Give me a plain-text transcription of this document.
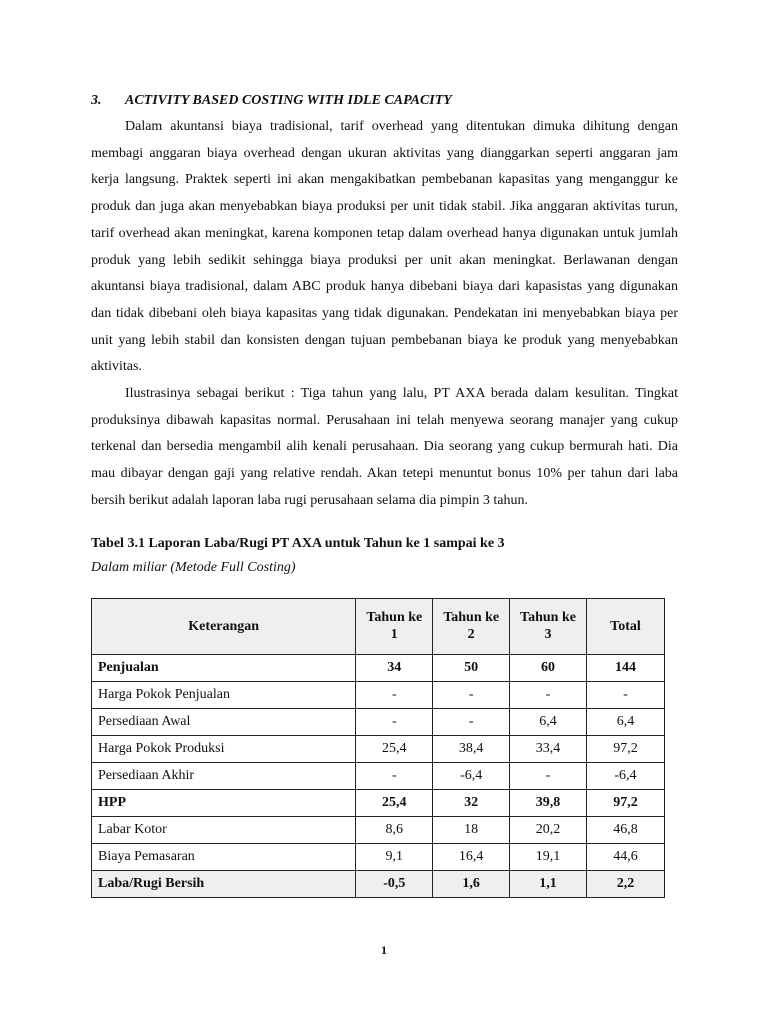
3.	ACTIVITY BASED COSTING WITH IDLE CAPACITY

Dalam akuntansi biaya tradisional, tarif overhead yang ditentukan dimuka dihitung dengan membagi anggaran biaya overhead dengan ukuran aktivitas yang dianggarkan seperti anggaran jam kerja langsung. Praktek seperti ini akan mengakibatkan pembebanan kapasitas yang menganggur ke produk dan juga akan menyebabkan biaya produksi per unit tidak stabil. Jika anggaran aktivitas turun, tarif overhead akan meningkat, karena komponen tetap dalam overhead hanya digunakan untuk jumlah produk yang lebih sedikit sehingga biaya produksi per unit akan meningkat. Berlawanan dengan akuntansi biaya tradisional, dalam ABC produk hanya dibebani biaya dari kapasistas yang digunakan dan tidak dibebani oleh biaya kapasitas yang tidak digunakan. Pendekatan ini menyebabkan biaya per unit yang lebih stabil dan konsisten dengan tujuan pembebanan biaya ke produk yang menyebabkan aktivitas.

Ilustrasinya sebagai berikut : Tiga tahun yang lalu, PT AXA berada dalam kesulitan. Tingkat produksinya dibawah kapasitas normal. Perusahaan ini telah menyewa seorang manajer yang cukup terkenal dan bersedia mengambil alih kenali perusahaan. Dia seorang yang cukup bermurah hati. Dia mau dibayar dengan gaji yang relative rendah. Akan tetepi menuntut bonus 10% per tahun dari laba bersih berikut adalah laporan laba rugi perusahaan selama dia pimpin 3 tahun.

Tabel 3.1 Laporan Laba/Rugi PT AXA untuk Tahun ke 1 sampai ke 3
Dalam miliar (Metode Full Costing)
Keterangan	Tahun ke 1	Tahun ke 2	Tahun ke 3	Total
Penjualan	34	50	60	144
Harga Pokok Penjualan	-	-	-	-
Persediaan Awal	-	-	6,4	6,4
Harga Pokok Produksi	25,4	38,4	33,4	97,2
Persediaan Akhir	-	-6,4	-	-6,4
HPP	25,4	32	39,8	97,2
Labar Kotor	8,6	18	20,2	46,8
Biaya Pemasaran	9,1	16,4	19,1	44,6
Laba/Rugi Bersih	-0,5	1,6	1,1	2,2
1
